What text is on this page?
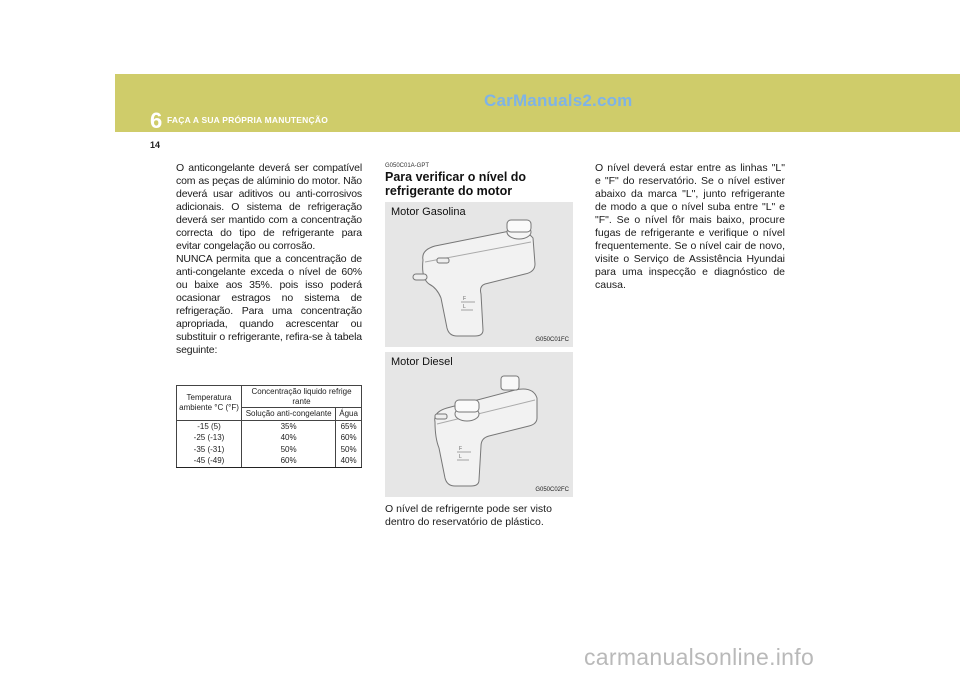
CarManuals2.com
6 FAÇA A SUA PRÓPRIA MANUTENÇÃO
14

O anticongelante deverá ser compatível com as peças de alúminio do motor. Não deverá usar aditivos ou anti-corrosivos adicionais. O sistema de refrigeração deverá ser mantido com a concentração correcta do tipo de refrigerante para evitar congelação ou corrosão.

NUNCA permita que a concentração de anti-congelante exceda o nível de 60% ou baixe aos 35%. pois isso poderá ocasionar estragos no sistema de refrigeração. Para uma concentração apropriada, quando acrescentar ou substituir o refrigerante, refira-se à tabela seguinte:

Temperatura ambiente °C (°F)	Concentração liquido refrige rante	
	Solução anti-congelante	Água
-15 (5)	35%	65%
-25 (-13)	40%	60%
-35 (-31)	50%	50%
-45 (-49)	60%	40%
G050C01A-GPT
Para verificar o nível do refrigerante do motor
F
L
Motor Gasolina
G050C01FC
F
L
Motor Diesel
G050C02FC
O nível de refrigernte pode ser visto dentro do reservatório de plástico.
O nível deverá estar entre as linhas "L" e "F" do reservatório. Se o nível estiver abaixo da marca "L", junto refrigerante de modo a que o nível suba entre "L" e "F". Se o nível fôr mais baixo, procure fugas de refrigerante e verifique o nível frequentemente. Se o nível cair de novo, visite o Serviço de Assistência Hyundai para uma inspecção e diagnóstico de causa.
carmanualsonline.info
